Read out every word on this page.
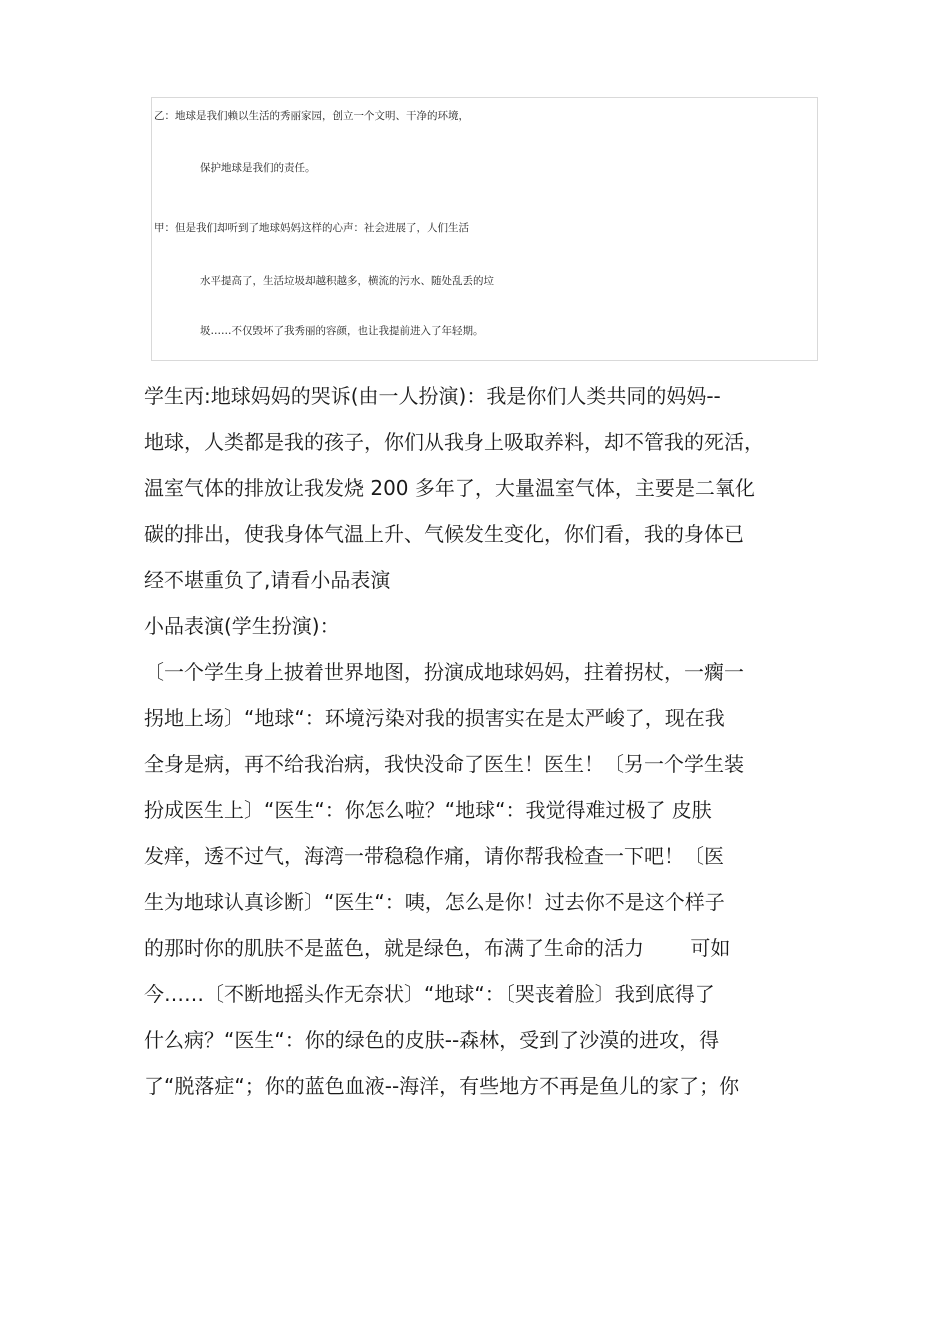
乙：地球是我们赖以生活的秀丽家园，创立一个文明、干净的环境，
保护地球是我们的责任。
甲：但是我们却听到了地球妈妈这样的心声：社会进展了，人们生活
水平提高了，生活垃圾却越积越多，横流的污水、随处乱丢的垃
圾……不仅毁坏了我秀丽的容颜，也让我提前进入了年轻期。
学生丙:地球妈妈的哭诉(由一人扮演)：我是你们人类共同的妈妈--
地球，人类都是我的孩子，你们从我身上吸取养料，却不管我的死活，
温室气体的排放让我发烧 200 多年了，大量温室气体，主要是二氧化
碳的排出，使我身体气温上升、气候发生变化，你们看，我的身体已
经不堪重负了,请看小品表演
小品表演(学生扮演)：
〔一个学生身上披着世界地图，扮演成地球妈妈，拄着拐杖，一瘸一
拐地上场〕“地球“：环境污染对我的损害实在是太严峻了，现在我
全身是病，再不给我治病，我快没命了医生！医生！〔另一个学生装
扮成医生上〕“医生“：你怎么啦？“地球“：我觉得难过极了 皮肤
发痒，透不过气，海湾一带稳稳作痛，请你帮我检查一下吧！〔医
生为地球认真诊断〕“医生“：咦，怎么是你！过去你不是这个样子
的那时你的肌肤不是蓝色，就是绿色，布满了生命的活力　　 可如
今……〔不断地摇头作无奈状〕“地球“：〔哭丧着脸〕我到底得了
什么病？“医生“：你的绿色的皮肤--森林，受到了沙漠的进攻，得
了“脱落症“；你的蓝色血液--海洋，有些地方不再是鱼儿的家了；你
